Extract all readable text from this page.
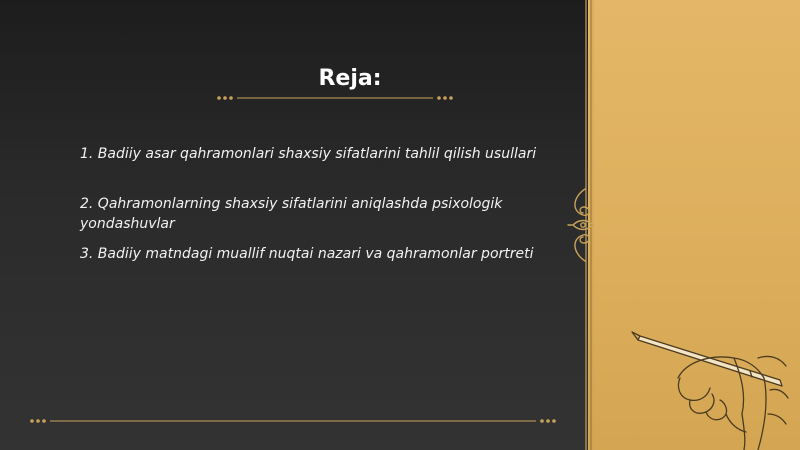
Reja:

1. Badiiy asar qahramonlari shaxsiy sifatlarini tahlil qilish usullari

2. Qahramonlarning shaxsiy sifatlarini aniqlashda psixologik yondashuvlar

3. Badiiy matndagi muallif nuqtai nazari va qahramonlar portreti
